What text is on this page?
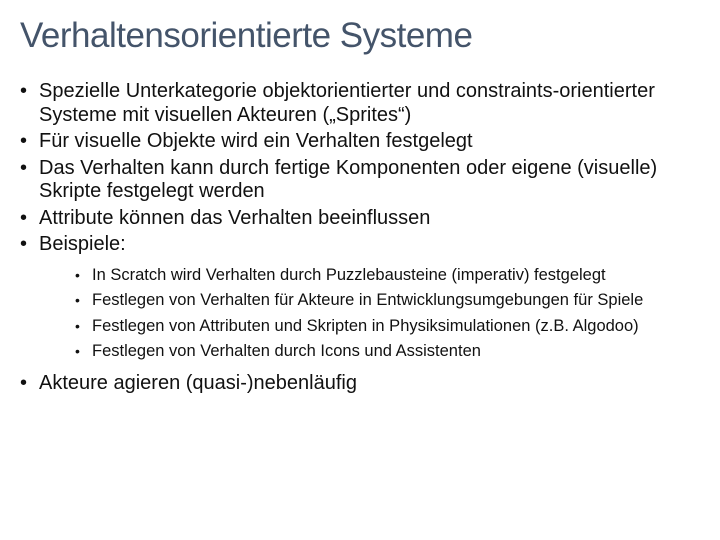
Verhaltensorientierte Systeme
• Spezielle Unterkategorie objektorientierter und constraints-orientierter Systeme mit visuellen Akteuren („Sprites“)
• Für visuelle Objekte wird ein Verhalten festgelegt
• Das Verhalten kann durch fertige Komponenten oder eigene (visuelle) Skripte festgelegt werden
• Attribute können das Verhalten beeinflussen
• Beispiele:
• In Scratch wird Verhalten durch Puzzlebausteine (imperativ) festgelegt
• Festlegen von Verhalten für Akteure in Entwicklungsumgebungen für Spiele
• Festlegen von Attributen und Skripten in Physiksimulationen (z.B. Algodoo)
• Festlegen von Verhalten durch Icons und Assistenten
• Akteure agieren (quasi-)nebenläufig
